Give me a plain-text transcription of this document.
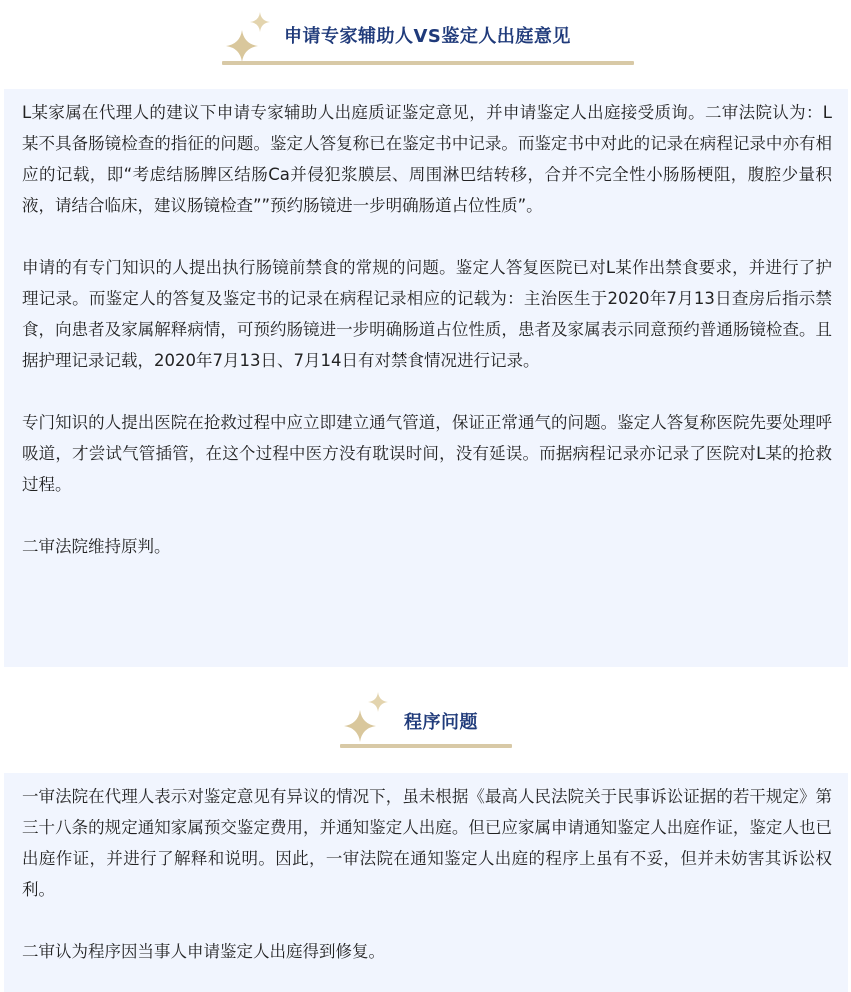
申请专家辅助人VS鉴定人出庭意见

L某家属在代理人的建议下申请专家辅助人出庭质证鉴定意见，并申请鉴定人出庭接受质询。二审法院认为：L某不具备肠镜检查的指征的问题。鉴定人答复称已在鉴定书中记录。而鉴定书中对此的记录在病程记录中亦有相应的记载，即“考虑结肠脾区结肠Ca并侵犯浆膜层、周围淋巴结转移，合并不完全性小肠肠梗阻，腹腔少量积液，请结合临床，建议肠镜检查””预约肠镜进一步明确肠道占位性质”。

申请的有专门知识的人提出执行肠镜前禁食的常规的问题。鉴定人答复医院已对L某作出禁食要求，并进行了护理记录。而鉴定人的答复及鉴定书的记录在病程记录相应的记载为：主治医生于2020年7月13日查房后指示禁食，向患者及家属解释病情，可预约肠镜进一步明确肠道占位性质，患者及家属表示同意预约普通肠镜检查。且据护理记录记载，2020年7月13日、7月14日有对禁食情况进行记录。

专门知识的人提出医院在抢救过程中应立即建立通气管道，保证正常通气的问题。鉴定人答复称医院先要处理呼吸道，才尝试气管插管，在这个过程中医方没有耽误时间，没有延误。而据病程记录亦记录了医院对L某的抢救过程。

二审法院维持原判。

程序问题

一审法院在代理人表示对鉴定意见有异议的情况下，虽未根据《最高人民法院关于民事诉讼证据的若干规定》第三十八条的规定通知家属预交鉴定费用，并通知鉴定人出庭。但已应家属申请通知鉴定人出庭作证，鉴定人也已出庭作证，并进行了解释和说明。因此，一审法院在通知鉴定人出庭的程序上虽有不妥，但并未妨害其诉讼权利。

二审认为程序因当事人申请鉴定人出庭得到修复。
